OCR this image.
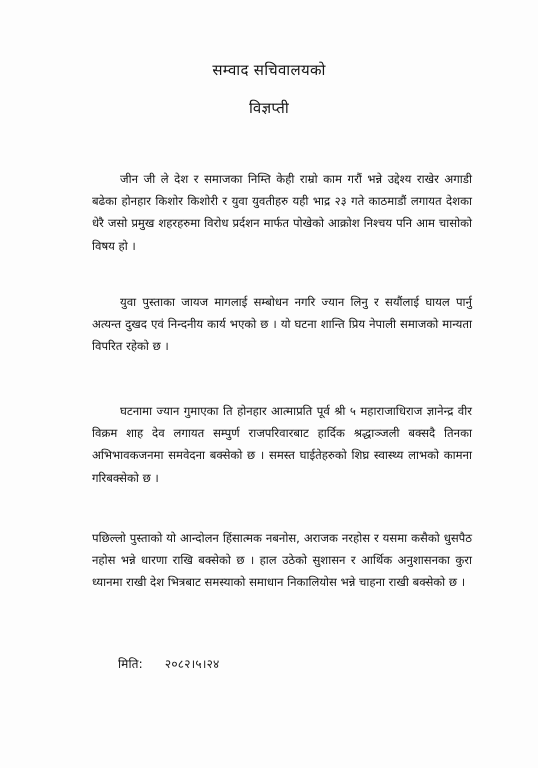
सम्वाद सचिवालयको
विज्ञप्ती

जीन जी ले देश र समाजका निम्ति केही राम्रो काम गरौं भन्ने उद्देश्य राखेर अगाडी बढेका होनहार किशोर किशोरी र युवा युवतीहरु यही भाद्र २३ गते काठमाडौं लगायत देशका धेरै जसो प्रमुख शहरहरुमा विरोध प्रर्दशन मार्फत पोखेको आक्रोश निश्चय पनि आम चासोको विषय हो ।

युवा पुस्ताका जायज मागलाई सम्बोधन नगरि ज्यान लिनु र सयौंलाई घायल पार्नु अत्यन्त दुखद एवं निन्दनीय कार्य भएको छ । यो घटना शान्ति प्रिय नेपाली समाजको मान्यता विपरित रहेको छ ।

घटनामा ज्यान गुमाएका ति होनहार आत्माप्रति पूर्व श्री ५ महाराजाधिराज ज्ञानेन्द्र वीर विक्रम शाह देव लगायत सम्पुर्ण राजपरिवारबाट हार्दिक श्रद्धाञ्जली बक्सदै तिनका अभिभावकजनमा समवेदना बक्सेको छ । समस्त घाईतेहरुको शिघ्र स्वास्थ्य लाभको कामना गरिबक्सेको छ ।

पछिल्लो पुस्ताको यो आन्दोलन हिंसात्मक नबनोस, अराजक नरहोस र यसमा कसैको धुसपैठ नहोस भन्ने धारणा राखि बक्सेको छ । हाल उठेको सुशासन र आर्थिक अनुशासनका कुरा ध्यानमा राखी देश भित्रबाट समस्याको समाधान निकालियोस भन्ने चाहना राखी बक्सेको छ ।

मिति: २०८२।५।२४
